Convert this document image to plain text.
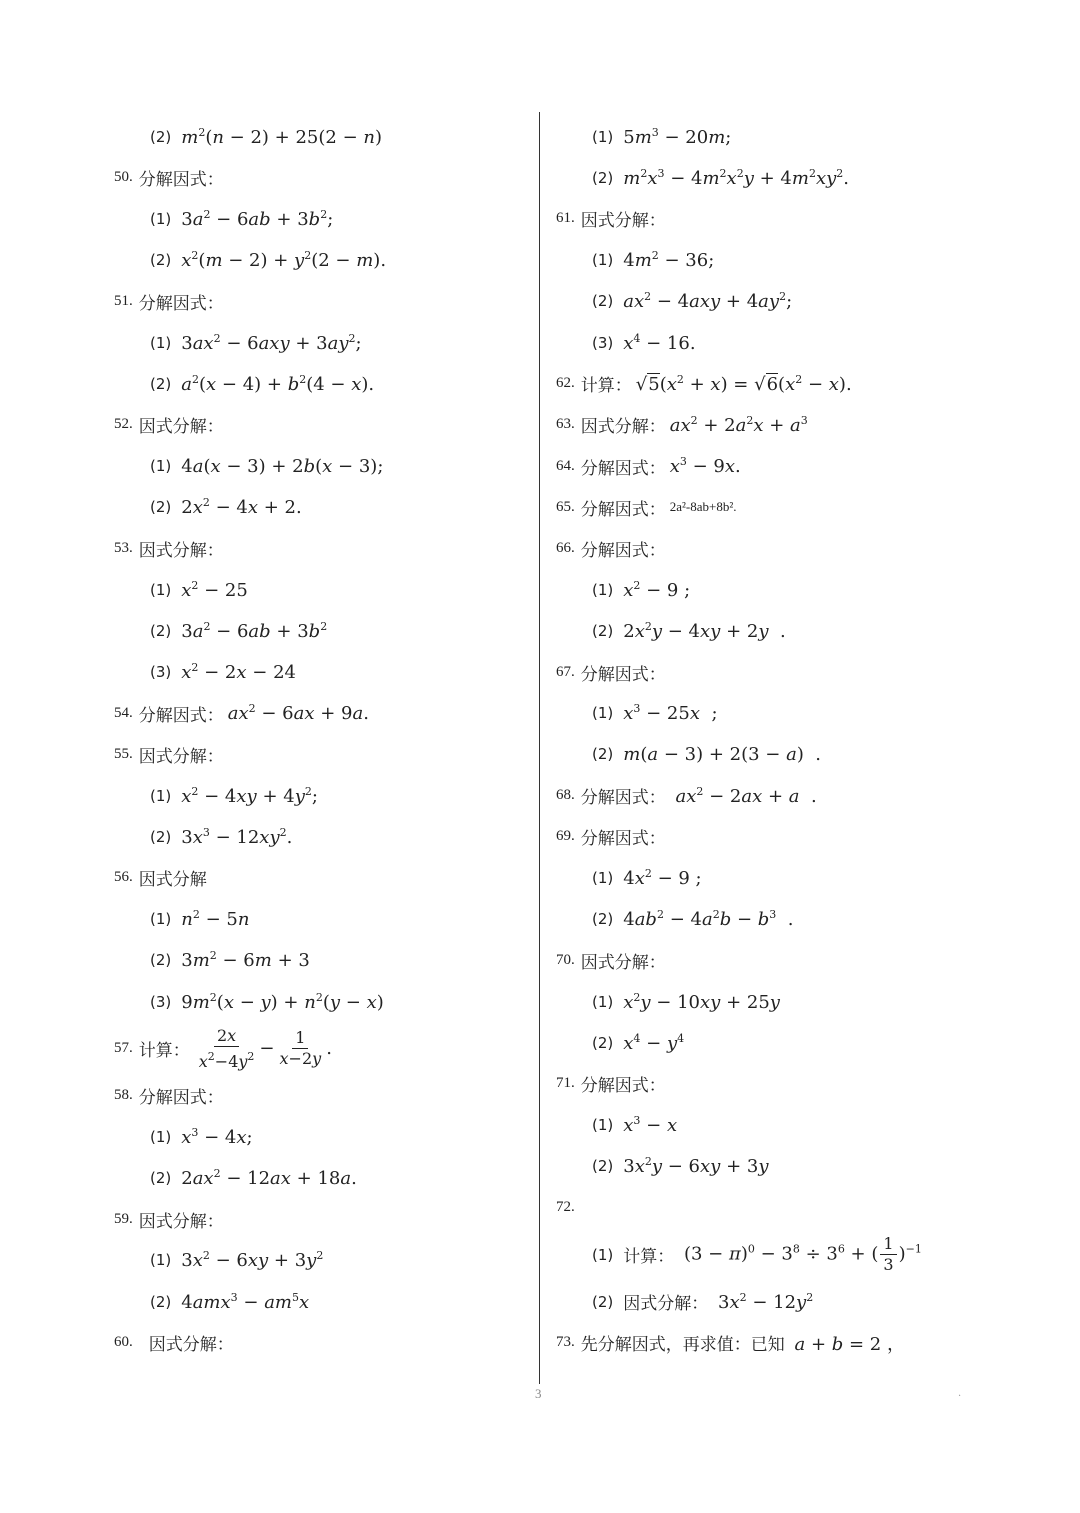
(2) $m^2(n - 2) + 25(2 - n)$
50. 分解因式：
(1) $3a^2 - 6ab + 3b^2$;
(2) $x^2(m - 2) + y^2(2 - m)$.
51. 分解因式：
(1) $3ax^2 - 6axy + 3ay^2$;
(2) $a^2(x - 4) + b^2(4 - x)$.
52. 因式分解：
(1) 4a(x − 3) + 2b(x − 3);
(2) $2x^2 - 4x + 2$.
53. 因式分解：
(1) $x^2 - 25$
(2) $3a^2 - 6ab + 3b^2$
(3) $x^2 - 2x - 24$
54. 分解因式： $ax^2 - 6ax + 9a$.
55. 因式分解：
(1) $x^2 - 4xy + 4y^2$;
(2) $3x^3 - 12xy^2$.
56. 因式分解
(1) $n^2 - 5n$
(2) $3m^2 - 6m + 3$
(3) $9m^2(x - y) + n^2(y - x)$
57. 计算： $\frac{2x}{x^2-4y^2} - \frac{1}{x-2y}$ .
58. 分解因式：
(1) $x^3 - 4x$;
(2) $2ax^2 - 12ax + 18a$.
59. 因式分解：
(1) $3x^2 - 6xy + 3y^2$
(2) $4amx^3 - am^5x$
60. 因式分解：
(1) $5m^3 - 20m$;
(2) $m^2x^3 - 4m^2x^2y + 4m^2xy^2$.
61. 因式分解：
(1) $4m^2 - 36$;
(2) $ax^2 - 4axy + 4ay^2$;
(3) $x^4 - 16$.
62. 计算： $√5(x^2 + x) = √6(x^2 - x)$.
63. 因式分解： $ax^2 + 2a^2x + a^3$
64. 分解因式： $x^3 - 9x$.
65. 分解因式： 2a²-8ab+8b².
66. 分解因式：
(1) $x^2 - 9$ ;
(2) $2x^2y - 4xy + 2y$  .
67. 分解因式：
(1) $x^3 - 25x$  ;
(2) m(a − 3) + 2(3 − a)  .
68. 分解因式： $ax^2 - 2ax + a$  .
69. 分解因式：
(1) $4x^2 - 9$ ;
(2) $4ab^2 - 4a^2b - b^3$  .
70. 因式分解：
(1) $x^2y - 10xy + 25y$
(2) $x^4 - y^4$
71. 分解因式：
(1) $x^3 - x$
(2) $3x^2y - 6xy + 3y$
72.
(1) 计算： $(3 - \pi)^0 - 3^8 \div 3^6$ + ( $\frac{1}{3} )^{-1}$
(2) 因式分解： $3x^2 - 12y^2$
73. 先分解因式，再求值：已知 a + b = 2 ，
3	.
